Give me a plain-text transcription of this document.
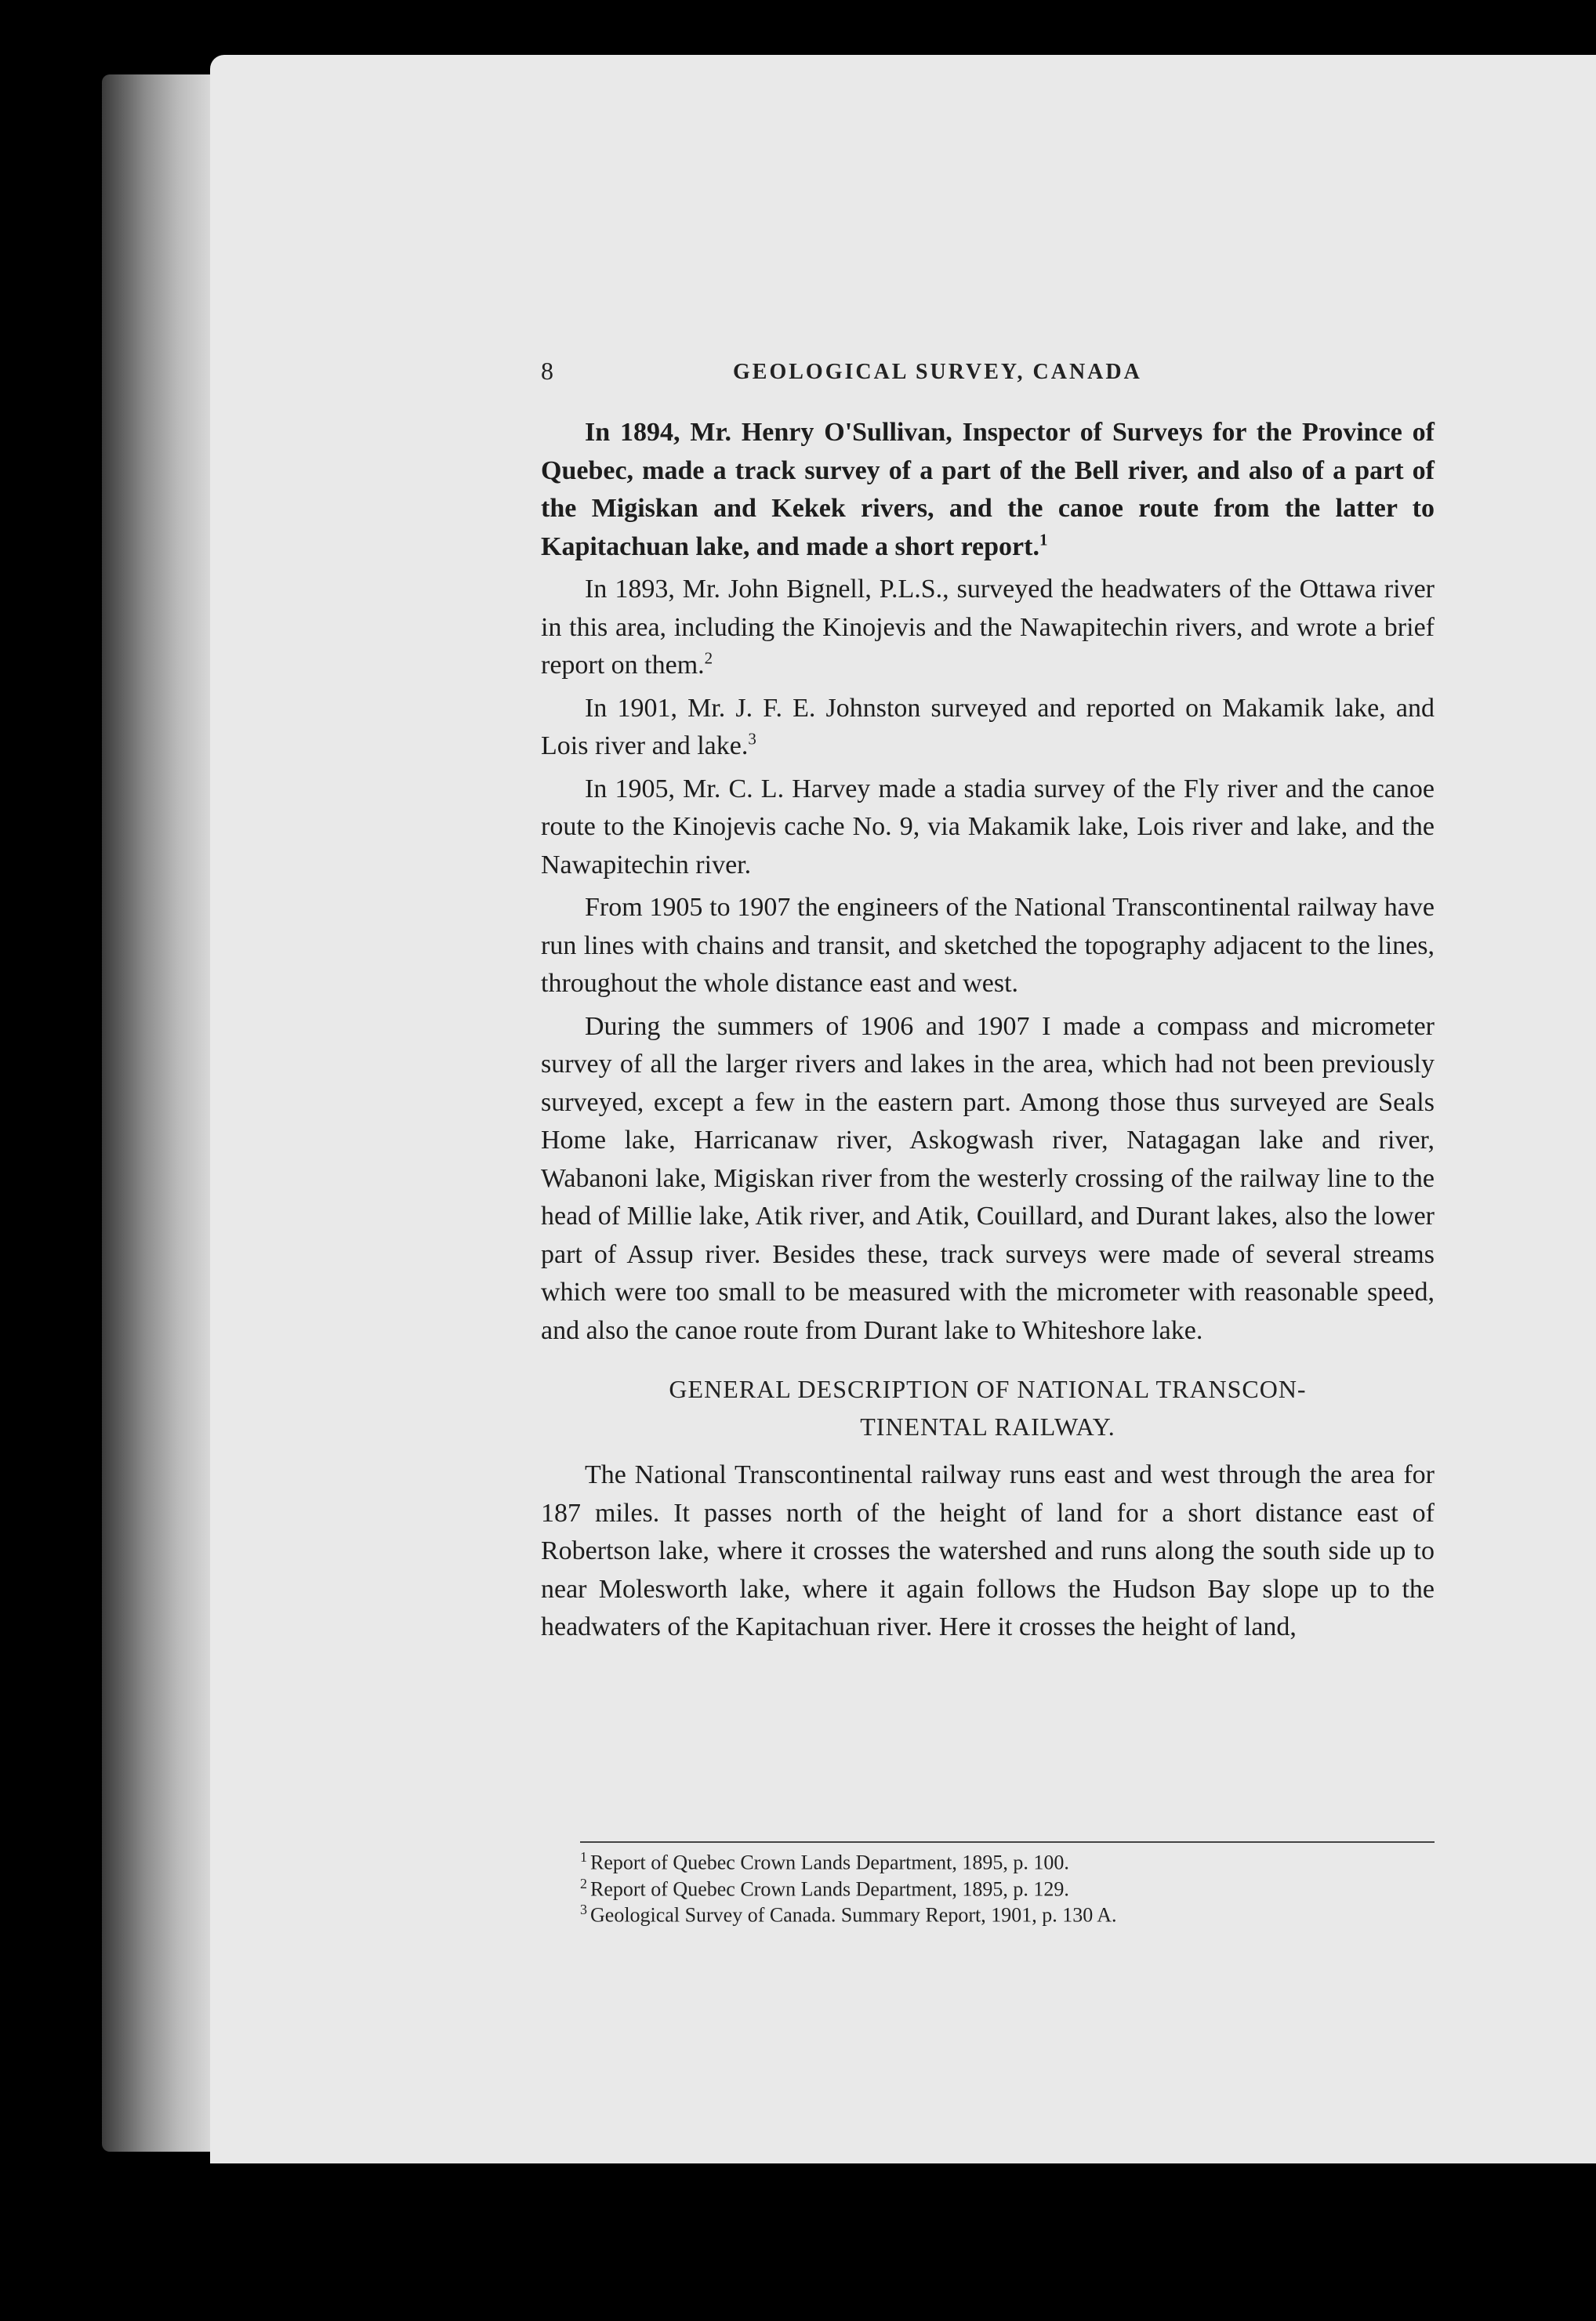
8	GEOLOGICAL SURVEY, CANADA

In 1894, Mr. Henry O'Sullivan, Inspector of Surveys for the Province of Quebec, made a track survey of a part of the Bell river, and also of a part of the Migiskan and Kekek rivers, and the canoe route from the latter to Kapitachuan lake, and made a short report.$^1$

In 1893, Mr. John Bignell, P.L.S., surveyed the headwaters of the Ottawa river in this area, including the Kinojevis and the Nawapitechin rivers, and wrote a brief report on them.$^2$

In 1901, Mr. J. F. E. Johnston surveyed and reported on Makamik lake, and Lois river and lake.$^3$

In 1905, Mr. C. L. Harvey made a stadia survey of the Fly river and the canoe route to the Kinojevis cache No. 9, via Makamik lake, Lois river and lake, and the Nawapitechin river.

From 1905 to 1907 the engineers of the National Transcontinental railway have run lines with chains and transit, and sketched the topography adjacent to the lines, throughout the whole distance east and west.

During the summers of 1906 and 1907 I made a compass and micrometer survey of all the larger rivers and lakes in the area, which had not been previously surveyed, except a few in the eastern part. Among those thus surveyed are Seals Home lake, Harricanaw river, Askogwash river, Natagagan lake and river, Wabanoni lake, Migiskan river from the westerly crossing of the railway line to the head of Millie lake, Atik river, and Atik, Couillard, and Durant lakes, also the lower part of Assup river. Besides these, track surveys were made of several streams which were too small to be measured with the micrometer with reasonable speed, and also the canoe route from Durant lake to Whiteshore lake.

GENERAL DESCRIPTION OF NATIONAL TRANSCON-
TINENTAL RAILWAY.

The National Transcontinental railway runs east and west through the area for 187 miles. It passes north of the height of land for a short distance east of Robertson lake, where it crosses the watershed and runs along the south side up to near Molesworth lake, where it again follows the Hudson Bay slope up to the headwaters of the Kapitachuan river. Here it crosses the height of land,

$^1$ Report of Quebec Crown Lands Department, 1895, p. 100.

$^2$ Report of Quebec Crown Lands Department, 1895, p. 129.

$^3$ Geological Survey of Canada. Summary Report, 1901, p. 130 A.
